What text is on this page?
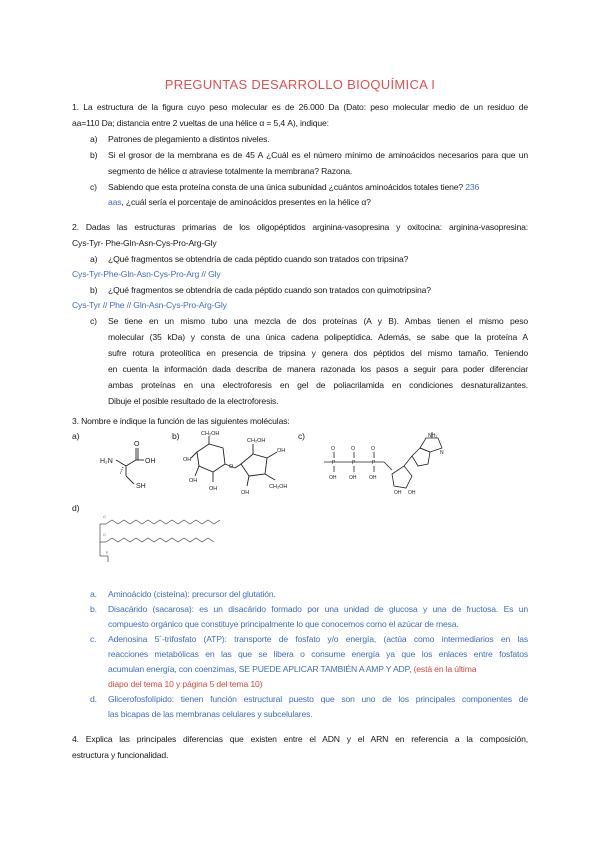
PREGUNTAS DESARROLLO BIOQUÍMICA I
1. La estructura de la figura cuyo peso molecular es de 26.000 Da (Dato: peso molecular medio de un residuo de
aa=110 Da; distancia entre 2 vueltas de una hélice α = 5,4 A), indique:
a) Patrones de plegamiento a distintos niveles.
b) Si el grosor de la membrana es de 45 A ¿Cuál es el número mínimo de aminoácidos necesarios para que un
segmento de hélice α atraviese totalmente la membrana? Razona.
c) Sabiendo que esta proteína consta de una única subunidad ¿cuántos aminoácidos totales tiene? 236
aas, ¿cuál sería el porcentaje de aminoácidos presentes en la hélice α?
2. Dadas las estructuras primarias de los oligopéptidos arginina-vasopresina y oxitocina: arginina-vasopresina:
Cys-Tyr- Phe-Gln-Asn-Cys-Pro-Arg-Gly
a) ¿Qué fragmentos se obtendría de cada péptido cuando son tratados con tripsina?
Cys-Tyr-Phe-Gln-Asn-Cys-Pro-Arg // Gly
b) ¿Qué fragmentos se obtendría de cada péptido cuando son tratados con quimotripsina?
Cys-Tyr // Phe // Gln-Asn-Cys-Pro-Arg-Gly
c) Se tiene en un mismo tubo una mezcla de dos proteínas (A y B). Ambas tienen el mismo peso
molecular (35 kDa) y consta de una única cadena polipeptídica. Además, se sabe que la proteína A
sufre rotura proteolítica en presencia de tripsina y genera dos péptidos del mismo tamaño. Teniendo
en cuenta la información dada describa de manera razonada los pasos a seguir para poder diferenciar
ambas proteínas en una electroforesis en gel de poliacrilamida en condiciones desnaturalizantes.
Dibuje el posible resultado de la electroforesis.
3. Nombre e indique la función de las siguientes moléculas:
a)	b)	c)
d)
H₂N	OH
O
SH
CH₂OH
OH
OH
OH
O
CH₂OH
OH
CH₂OH
OH
P	P	P
O	O	O
OH	OH	OH
NH₂
N
OH OH
O
O
P
a. Aminoácido (cisteína): precursor del glutatión.
b. Disacárido (sacarosa): es un disacárido formado por una unidad de glucosa y una de fructosa. Es un
compuesto orgánico que constituye principalmente lo que conocemos como el azúcar de mesa.
c. Adenosina 5´-trifosfato (ATP): transporte de fosfato y/o energía, (actúa como intermediarios en las
reacciones metabólicas en las que se libera o consume energía ya que los enlaces entre fosfatos
acumulan energía, con coenzimas, SE PUEDE APLICAR TAMBIÉN A AMP Y ADP, (está en la última
diapo del tema 10 y página 5 del tema 10)
d. Glicerofosfolípido: tienen función estructural puesto que son uno de los principales componentes de
las bicapas de las membranas celulares y subcelulares.
4. Explica las principales diferencias que existen entre el ADN y el ARN en referencia a la composición,
estructura y funcionalidad.
